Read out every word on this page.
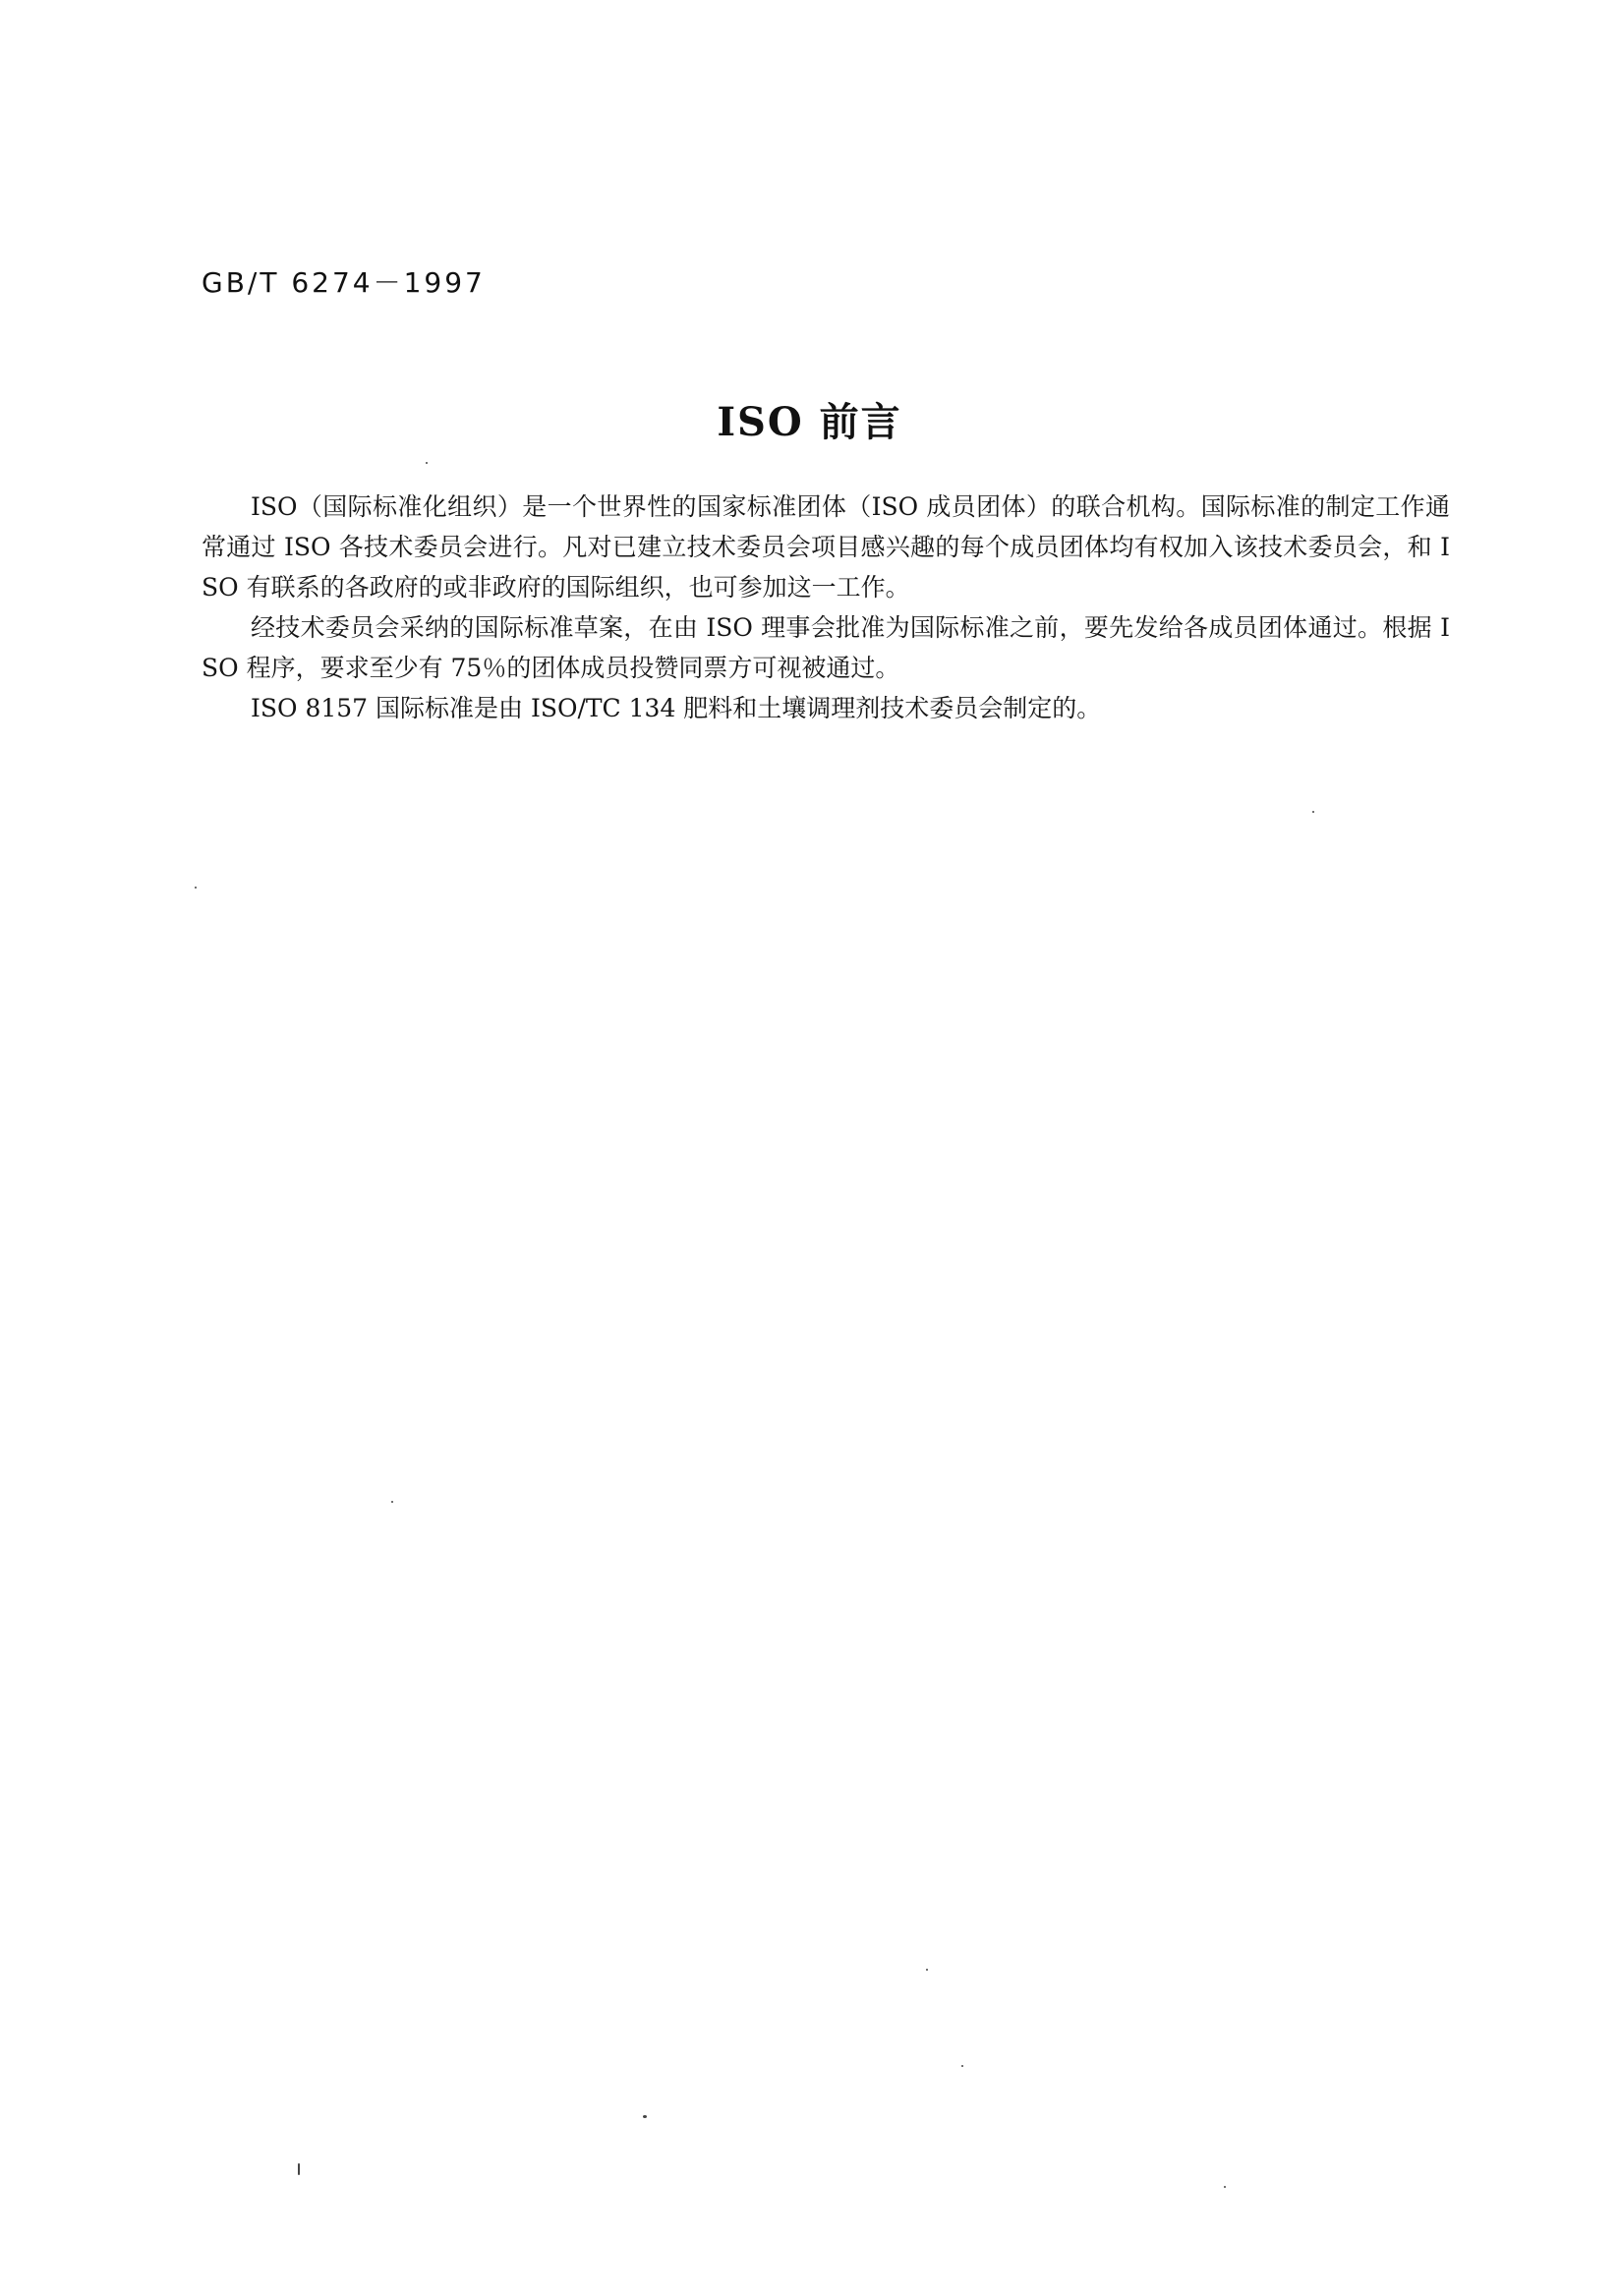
GB/T 6274－1997
ISO 前言

ISO（国际标准化组织）是一个世界性的国家标准团体（ISO 成员团体）的联合机构。国际标准的制定工作通常通过 ISO 各技术委员会进行。凡对已建立技术委员会项目感兴趣的每个成员团体均有权加入该技术委员会，和 ISO 有联系的各政府的或非政府的国际组织，也可参加这一工作。

经技术委员会采纳的国际标准草案，在由 ISO 理事会批准为国际标准之前，要先发给各成员团体通过。根据 ISO 程序，要求至少有 75％的团体成员投赞同票方可视被通过。

ISO 8157 国际标准是由 ISO/TC 134 肥料和土壤调理剂技术委员会制定的。
